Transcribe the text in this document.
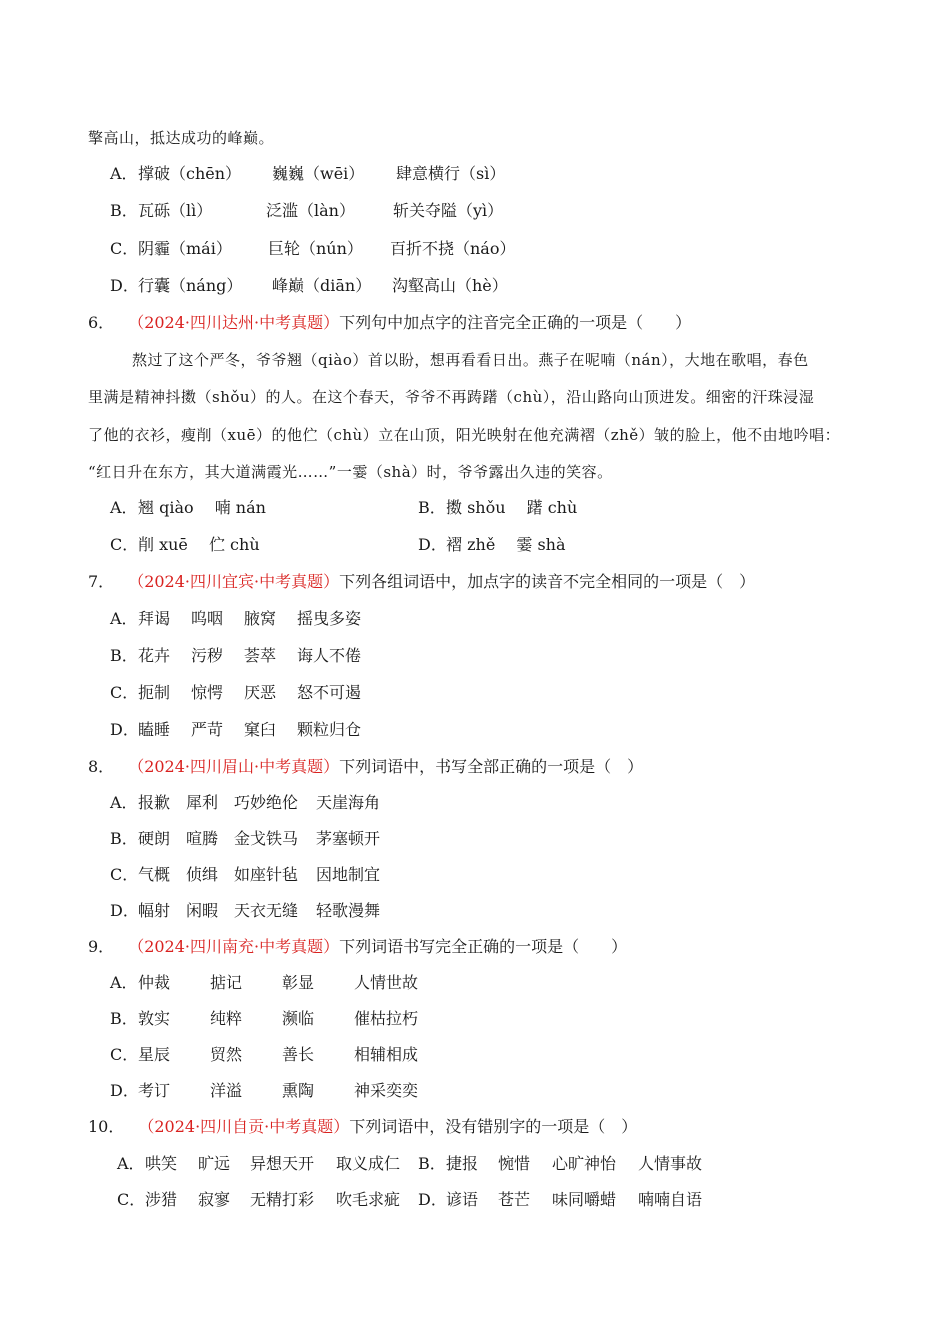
擎高山，抵达成功的峰巅。
A． 撑破（chēn） 巍巍（wēi） 肆意横行（sì）
B． 瓦砾（lì）	泛滥（làn） 斩关夺隘（yì）
C． 阴霾（mái） 巨轮（nún） 百折不挠（náo）
D． 行囊（náng） 峰巅（diān） 沟壑高山（hè）
6． （2024·四川达州·中考真题）下列句中加点字的注音完全正确的一项是（　　）
熬过了这个严冬，爷爷翘（qiào）首以盼，想再看看日出。燕子在呢喃（nán），大地在歌唱，春色
里满是精神抖擞（shǒu）的人。在这个春天，爷爷不再踌躇（chù），沿山路向山顶进发。细密的汗珠浸湿
了他的衣衫，瘦削（xuē）的他伫（chù）立在山顶，阳光映射在他充满褶（zhě）皱的脸上，他不由地吟唱：
“红日升在东方，其大道满霞光……”一霎（shà）时，爷爷露出久违的笑容。
A． 翘 qiào　 喃 nán	B． 擞 shǒu　 躇 chù
C． 削 xuē　 伫 chù	D． 褶 zhě　 霎 shà
7． （2024·四川宜宾·中考真题）下列各组词语中，加点字的读音不完全相同的一项是（　）
A． 拜谒 呜咽 腋窝 摇曳多姿
B． 花卉 污秽 荟萃 诲人不倦
C． 扼制 惊愕 厌恶 怒不可遏
D． 瞌睡 严苛 窠臼 颗粒归仓
8． （2024·四川眉山·中考真题）下列词语中，书写全部正确的一项是（　）
A． 报歉 犀利 巧妙绝伦 天崖海角
B． 硬朗 喧腾 金戈铁马 茅塞顿开
C． 气概 侦缉 如座针毡 因地制宜
D． 幅射 闲暇 天衣无缝 轻歌漫舞
9． （2024·四川南充·中考真题）下列词语书写完全正确的一项是（　　）
A． 仲裁 掂记 彰显 人情世故
B． 敦实 纯粹 濒临 催枯拉朽
C． 星辰 贸然 善长 相辅相成
D． 考订 洋溢 熏陶 神采奕奕
10． （2024·四川自贡·中考真题）下列词语中，没有错别字的一项是（　）
A． 哄笑 旷远 异想天开 取义成仁 B． 捷报 惋惜 心旷神怡 人情事故
C． 涉猎 寂寥 无精打彩 吹毛求疵 D． 谚语 苍芒 味同嚼蜡 喃喃自语
